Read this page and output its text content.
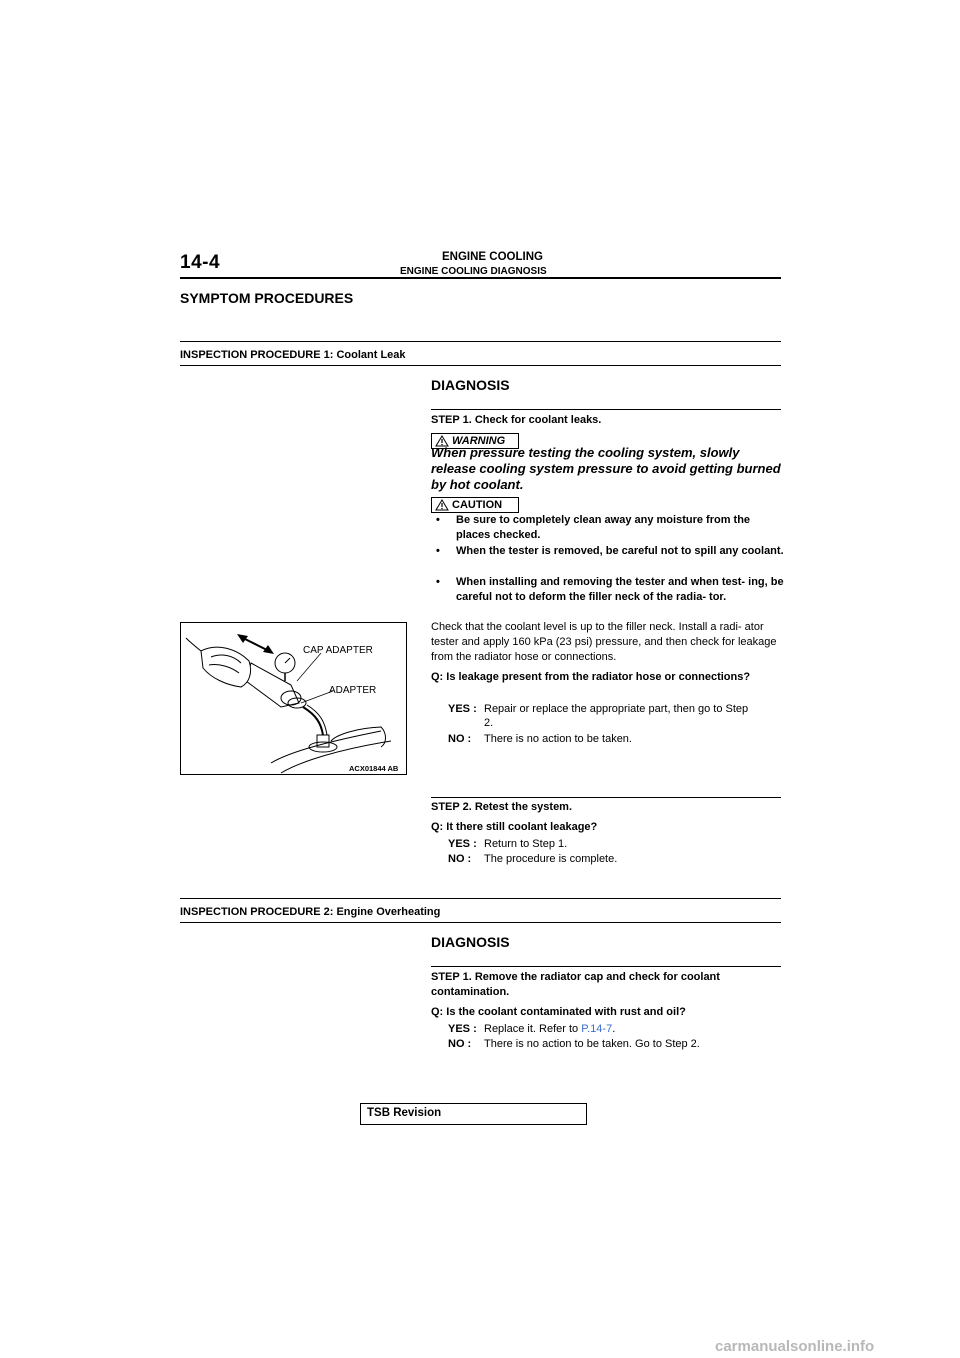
14-4	ENGINE COOLING
ENGINE COOLING DIAGNOSIS
SYMPTOM PROCEDURES
INSPECTION PROCEDURE 1: Coolant Leak
DIAGNOSIS
STEP 1. Check for coolant leaks.
WARNING
When pressure testing the cooling system, slowly release cooling system pressure to avoid getting burned by hot coolant.
CAUTION
• Be sure to completely clean away any moisture from the places checked.
• When the tester is removed, be careful not to spill any coolant.
• When installing and removing the tester and when test- ing, be careful not to deform the filler neck of the radia- tor.
Check that the coolant level is up to the filler neck. Install a radi- ator tester and apply 160 kPa (23 psi) pressure, and then check for leakage from the radiator hose or connections.
Q: Is leakage present from the radiator hose or connections?
YES : Repair or replace the appropriate part, then go to Step 2.
NO : There is no action to be taken.
CAP ADAPTER
ADAPTER
ACX01844 AB
STEP 2. Retest the system.
Q: It there still coolant leakage?
YES : Return to Step 1.
NO : The procedure is complete.
INSPECTION PROCEDURE 2: Engine Overheating
DIAGNOSIS
STEP 1. Remove the radiator cap and check for coolant contamination.
Q: Is the coolant contaminated with rust and oil?
YES : Replace it. Refer to P.14-7.
NO : There is no action to be taken. Go to Step 2.
TSB Revision
carmanualsonline.info
